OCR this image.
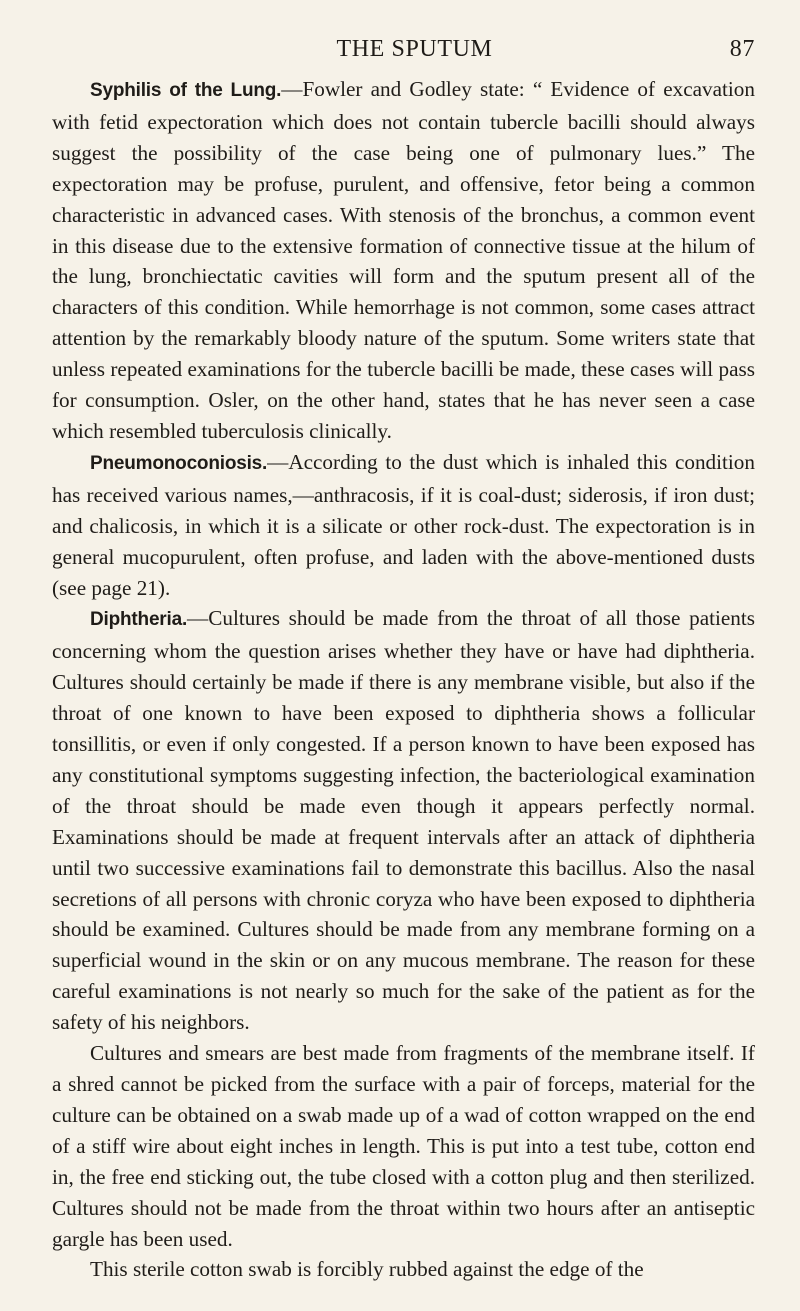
THE SPUTUM	87

Syphilis of the Lung.—Fowler and Godley state: “ Evidence of excavation with fetid expectoration which does not contain tubercle bacilli should always suggest the possibility of the case being one of pulmonary lues.” The expectoration may be profuse, purulent, and offensive, fetor being a common characteristic in advanced cases. With stenosis of the bronchus, a common event in this disease due to the extensive formation of connective tissue at the hilum of the lung, bronchiectatic cavities will form and the sputum present all of the characters of this condition. While hemorrhage is not common, some cases attract attention by the remarkably bloody nature of the sputum. Some writers state that unless repeated examinations for the tubercle bacilli be made, these cases will pass for consumption. Osler, on the other hand, states that he has never seen a case which resembled tuberculosis clinically.

Pneumonoconiosis.—According to the dust which is inhaled this condition has received various names,—anthracosis, if it is coal-dust; siderosis, if iron dust; and chalicosis, in which it is a silicate or other rock-dust. The expectoration is in general mucopurulent, often profuse, and laden with the above-mentioned dusts (see page 21).

Diphtheria.—Cultures should be made from the throat of all those patients concerning whom the question arises whether they have or have had diphtheria. Cultures should certainly be made if there is any membrane visible, but also if the throat of one known to have been exposed to diphtheria shows a follicular tonsillitis, or even if only congested. If a person known to have been exposed has any constitutional symptoms suggesting infection, the bacteriological examination of the throat should be made even though it appears perfectly normal. Examinations should be made at frequent intervals after an attack of diphtheria until two successive examinations fail to demonstrate this bacillus. Also the nasal secretions of all persons with chronic coryza who have been exposed to diphtheria should be examined. Cultures should be made from any membrane forming on a superficial wound in the skin or on any mucous membrane. The reason for these careful examinations is not nearly so much for the sake of the patient as for the safety of his neighbors.

Cultures and smears are best made from fragments of the membrane itself. If a shred cannot be picked from the surface with a pair of forceps, material for the culture can be obtained on a swab made up of a wad of cotton wrapped on the end of a stiff wire about eight inches in length. This is put into a test tube, cotton end in, the free end sticking out, the tube closed with a cotton plug and then sterilized. Cultures should not be made from the throat within two hours after an antiseptic gargle has been used.

This sterile cotton swab is forcibly rubbed against the edge of the
